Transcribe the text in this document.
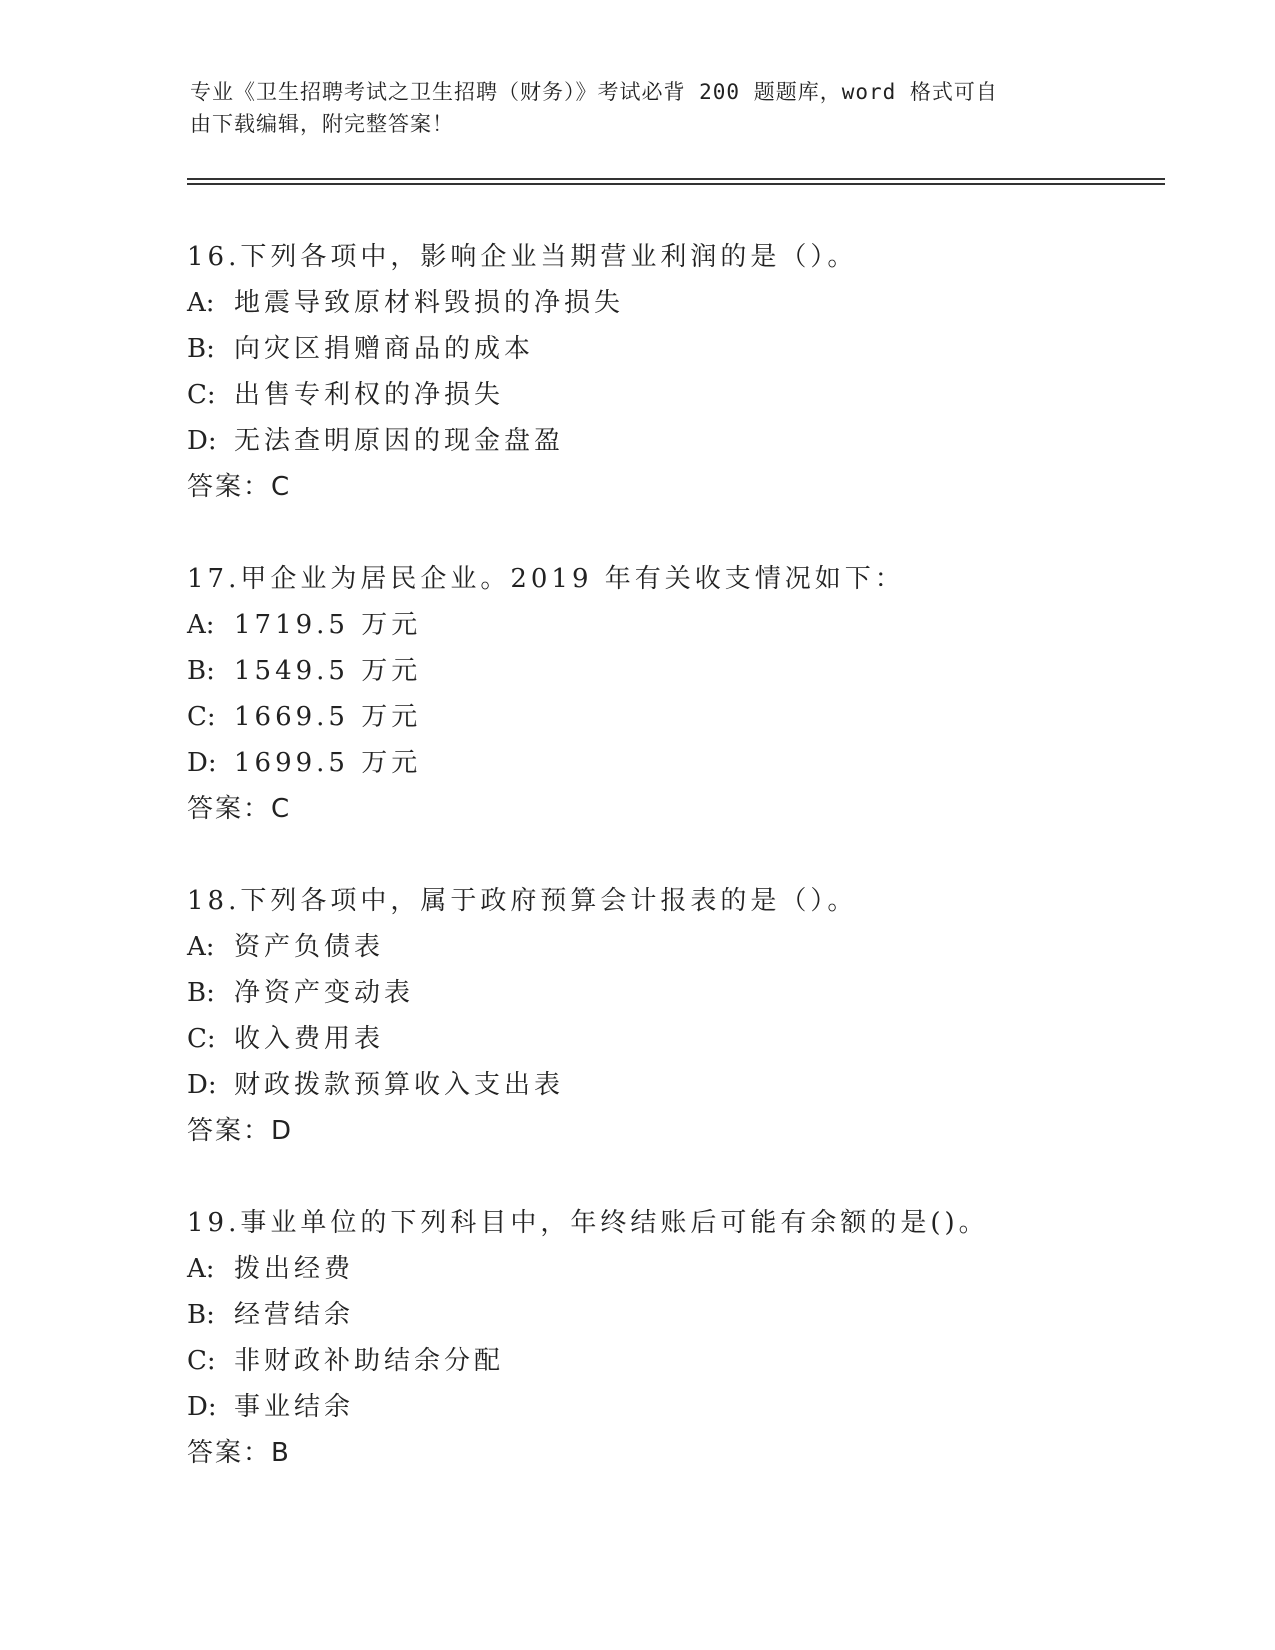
专业《卫生招聘考试之卫生招聘（财务）》考试必背 200 题题库，word 格式可自
由下载编辑，附完整答案！
16.下列各项中，影响企业当期营业利润的是（）。
A: 地震导致原材料毁损的净损失
B: 向灾区捐赠商品的成本
C: 出售专利权的净损失
D: 无法查明原因的现金盘盈
答案：C
17.甲企业为居民企业。2019 年有关收支情况如下：
A: 1719.5 万元
B: 1549.5 万元
C: 1669.5 万元
D: 1699.5 万元
答案：C
18.下列各项中，属于政府预算会计报表的是（）。
A: 资产负债表
B: 净资产变动表
C: 收入费用表
D: 财政拨款预算收入支出表
答案：D
19.事业单位的下列科目中，年终结账后可能有余额的是()。
A: 拨出经费
B: 经营结余
C: 非财政补助结余分配
D: 事业结余
答案：B
